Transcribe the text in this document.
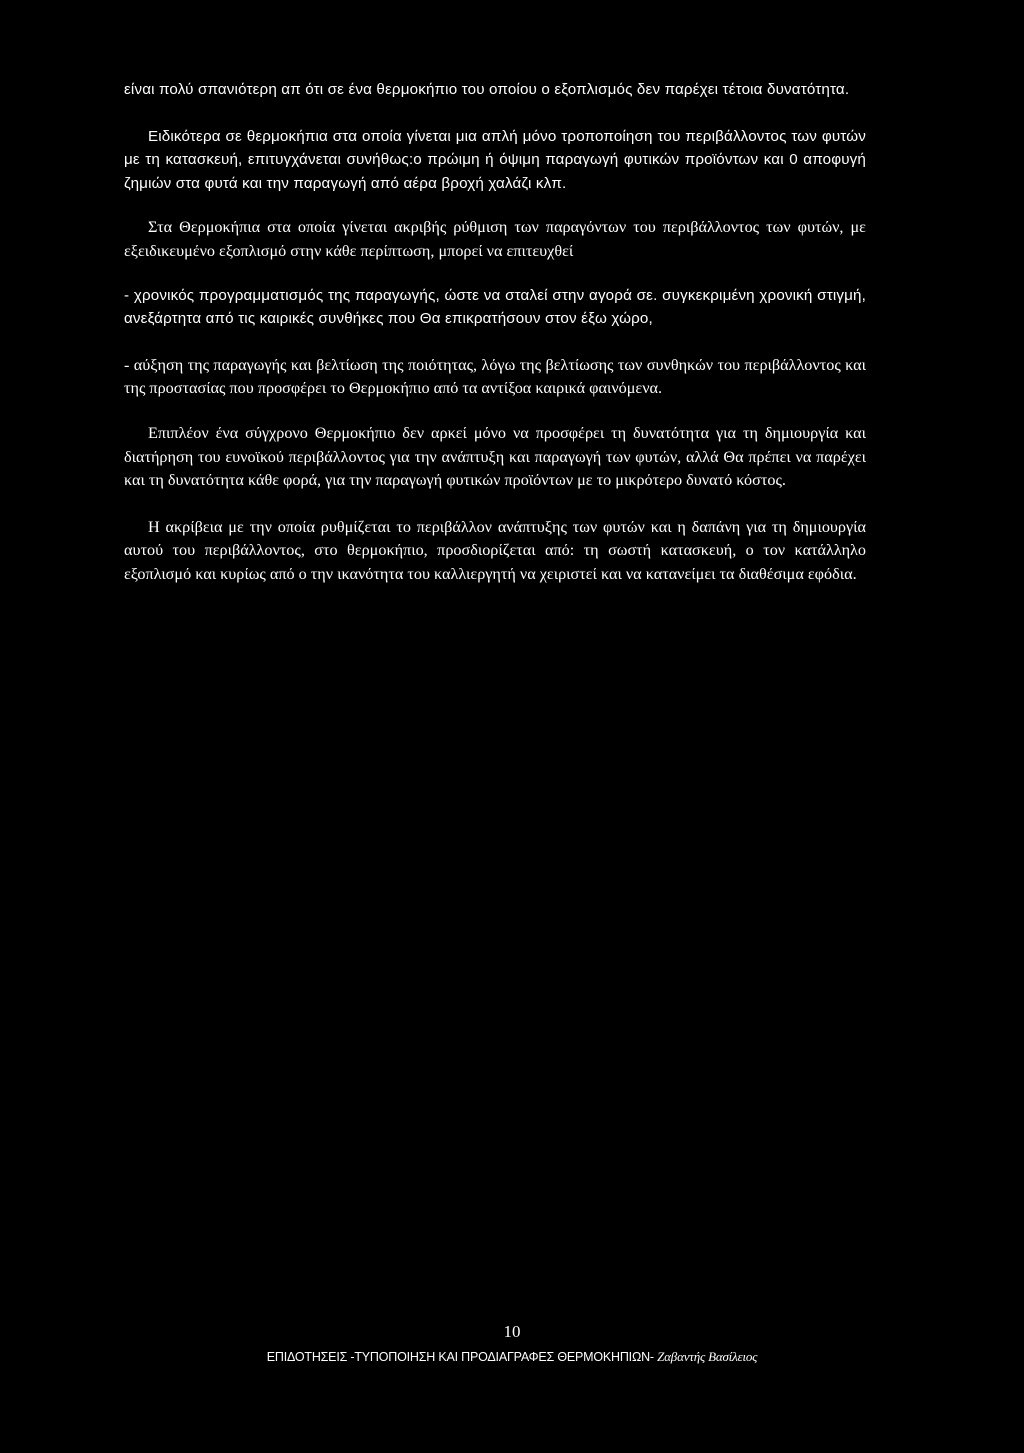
είναι πολύ σπανιότερη απ ότι σε ένα θερμοκήπιο του οποίου ο εξοπλισμός δεν παρέχει τέτοια δυνατότητα.

Ειδικότερα σε θερμοκήπια στα οποία γίνεται μια απλή μόνο τροποποίηση του περιβάλλοντος των φυτών με τη κατασκευή, επιτυγχάνεται συνήθως:ο πρώιμη ή όψιμη παραγωγή φυτικών προϊόντων και 0 αποφυγή ζημιών στα φυτά και την παραγωγή από αέρα βροχή χαλάζι κλπ.

Στα Θερμοκήπια στα οποία γίνεται ακριβής ρύθμιση των παραγόντων του περιβάλλοντος των φυτών, με εξειδικευμένο εξοπλισμό στην κάθε περίπτωση, μπορεί να επιτευχθεί

- χρονικός προγραμματισμός της παραγωγής, ώστε να σταλεί στην αγορά σε. συγκεκριμένη χρονική στιγμή, ανεξάρτητα από τις καιρικές συνθήκες που Θα επικρατήσουν στον έξω χώρο,

- αύξηση της παραγωγής και βελτίωση της ποιότητας, λόγω της βελτίωσης των συνθηκών του περιβάλλοντος και της προστασίας που προσφέρει το Θερμοκήπιο από τα αντίξοα καιρικά φαινόμενα.

Επιπλέον ένα σύγχρονο Θερμοκήπιο δεν αρκεί μόνο να προσφέρει τη δυνατότητα για τη δημιουργία και διατήρηση του ευνοϊκού περιβάλλοντος για την ανάπτυξη και παραγωγή των φυτών, αλλά Θα πρέπει να παρέχει και τη δυνατότητα κάθε φορά, για την παραγωγή φυτικών προϊόντων με το μικρότερο δυνατό κόστος.

Η ακρίβεια με την οποία ρυθμίζεται το περιβάλλον ανάπτυξης των φυτών και η δαπάνη για τη δημιουργία αυτού του περιβάλλοντος, στο θερμοκήπιο, προσδιορίζεται από: τη σωστή κατασκευή, ο τον κατάλληλο εξοπλισμό και κυρίως από ο την ικανότητα του καλλιεργητή να χειριστεί και να κατανείμει τα διαθέσιμα εφόδια.

10
ΕΠΙΔΟΤΗΣΕΙΣ -ΤΥΠΟΠΟΙΗΣΗ ΚΑΙ ΠΡΟΔΙΑΓΡΑΦΕΣ ΘΕΡΜΟΚΗΠΙΩΝ- Ζαβαντής Βασίλειος
